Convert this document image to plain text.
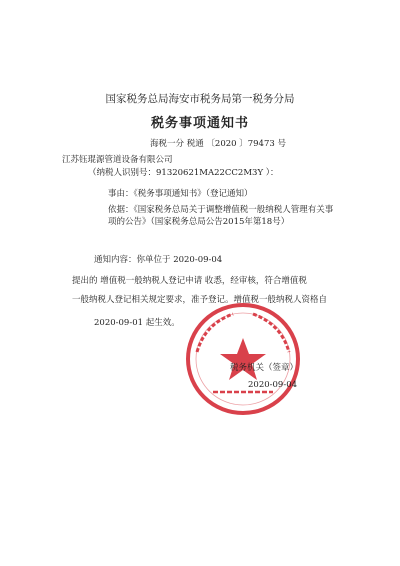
国家税务总局海安市税务局第一税务分局
税务事项通知书
海税一分 税通 〔2020 〕79473 号
江苏钰琨源管道设备有限公司
（纳税人识别号：91320621MA22CC2M3Y ）：
事由：《税务事项通知书》（登记通知）
依据：《国家税务总局关于调整增值税一般纳税人管理有关事
项的公告》（国家税务总局公告2015年第18号）
通知内容：你单位于 2020-09-04
提出的 增值税一般纳税人登记申请 收悉，经审核，符合增值税
一般纳税人登记相关规定要求，准予登记。增值税一般纳税人资格自
2020-09-01 起生效。
税务机关（签章）
2020-09-04
